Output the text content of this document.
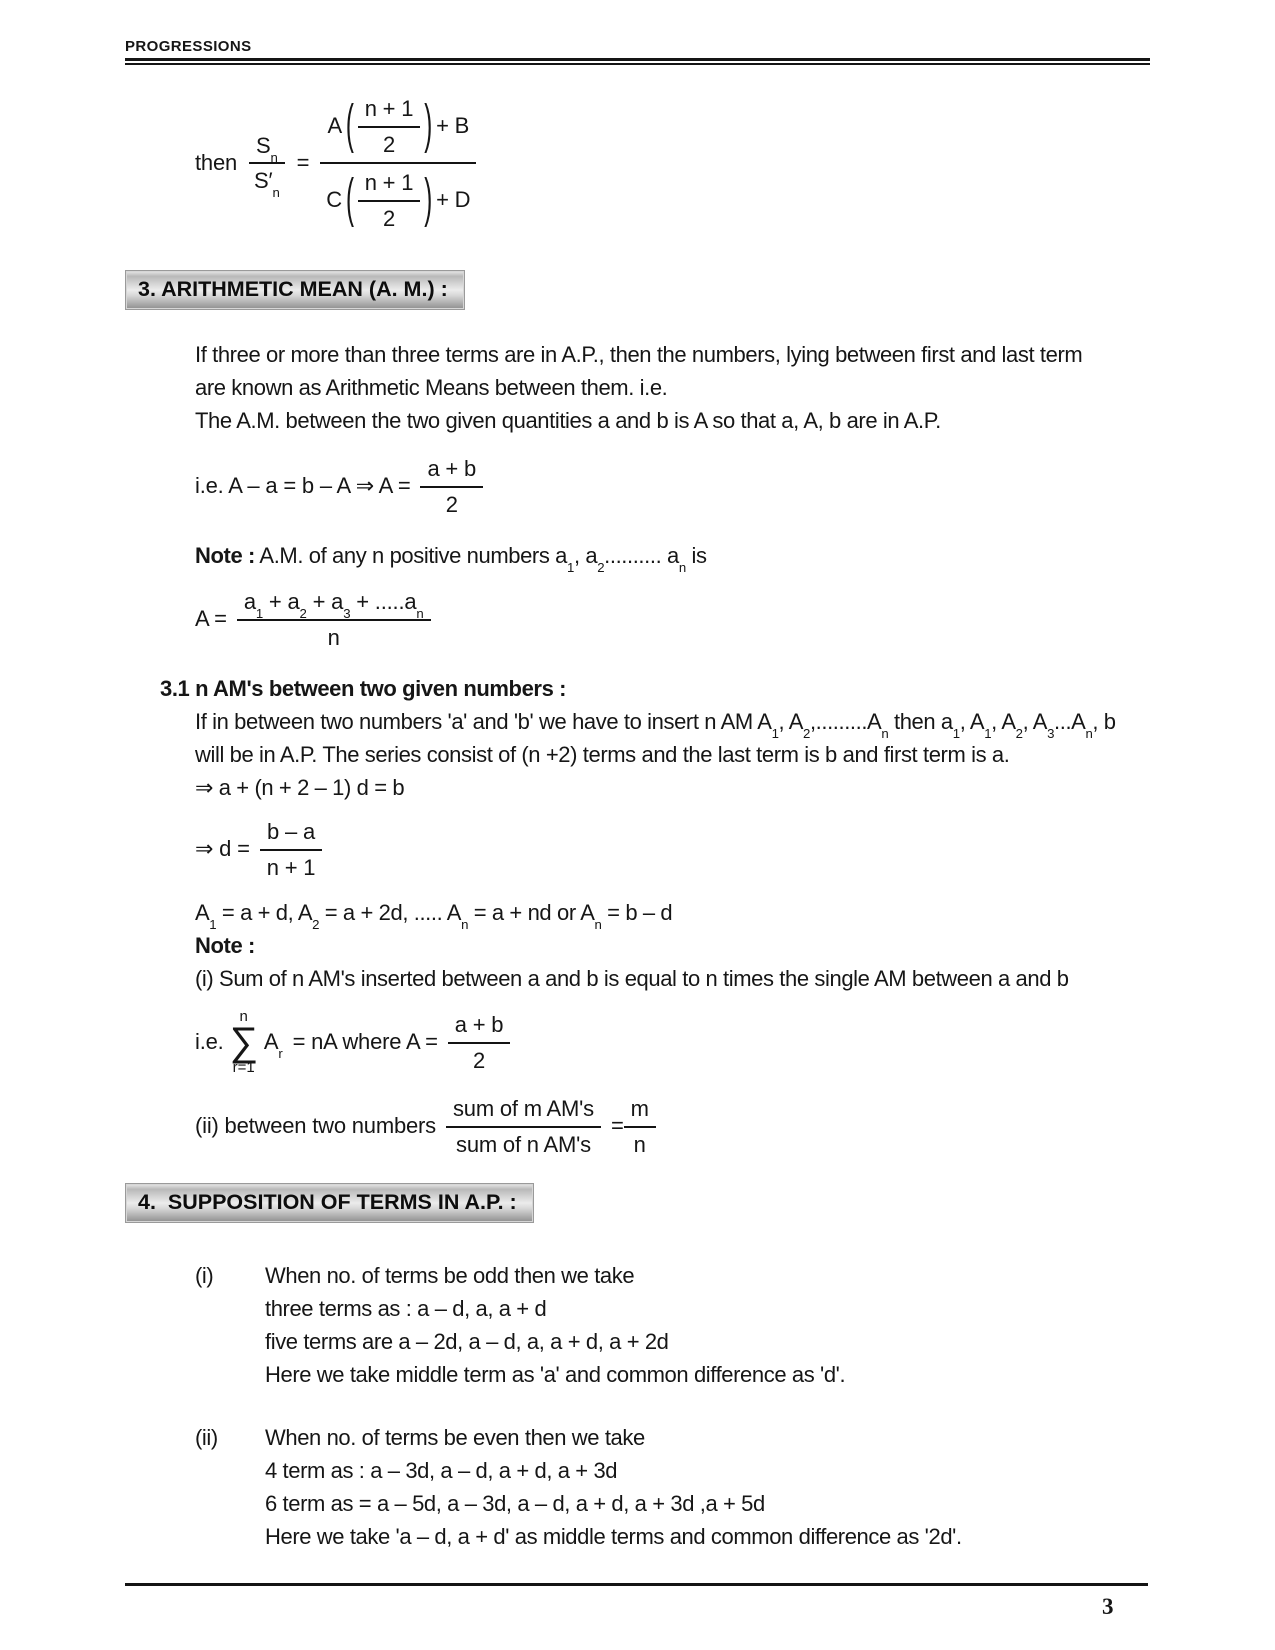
PROGRESSIONS
then $\frac{S_n}{S'_n}$ =
A ( $\frac{n + 1}{2}$ ) + B
C ( $\frac{n + 1}{2}$ ) + D
3. ARITHMETIC MEAN (A. M.) :
If three or more than three terms are in A.P., then the numbers, lying between first and last term
are known as Arithmetic Means between them. i.e.
The A.M. between the two given quantities a and b is A so that a, A, b are in A.P.
i.e. A – a = b – A ⇒ $A = \frac{a + b}{2}$
Note : A.M. of any n positive numbers $a_1$, $a_2$.......... $a_n$ is
$A = \frac{a_1 + a_2 + a_3 + .....a_n}{n}$
3.1 n AM's between two given numbers :
If in between two numbers 'a' and 'b' we have to insert n AM $A_1$, $A_2,.........A_n$ then $a_1$, $A_1$, $A_2$, $A_3...A_n$, b
will be in A.P. The series consist of (n +2) terms and the last term is b and first term is a.
⇒ a + (n + 2 – 1) d = b
⇒ $d = \frac{b - a}{n + 1}$
$A_1 = a + d$, $A_2 = a + 2d$, ..... $A_n = a$ + nd or $A_n = b - d$
Note :
(i) Sum of n AM's inserted between a and b is equal to n times the single AM between a and b
i.e.
n
∑
r=1
$A_r$ = nA where $A = \frac{a + b}{2}$
(ii) between two numbers $\frac{\text{sum of m AM's}}{\text{sum of n AM's}} = \frac{m}{n}$
4.  SUPPOSITION OF TERMS IN A.P. :
(i)	When no. of terms be odd then we take
three terms as : a – d, a, a + d
five terms are a – 2d, a – d, a, a + d, a + 2d
Here we take middle term as 'a' and common difference as 'd'.
(ii)	When no. of terms be even then we take
4 term as : a – 3d, a – d, a + d, a + 3d
6 term as = a – 5d, a – 3d, a – d, a + d, a + 3d ,a + 5d
Here we take 'a – d, a + d' as middle terms and common difference as '2d'.
3
